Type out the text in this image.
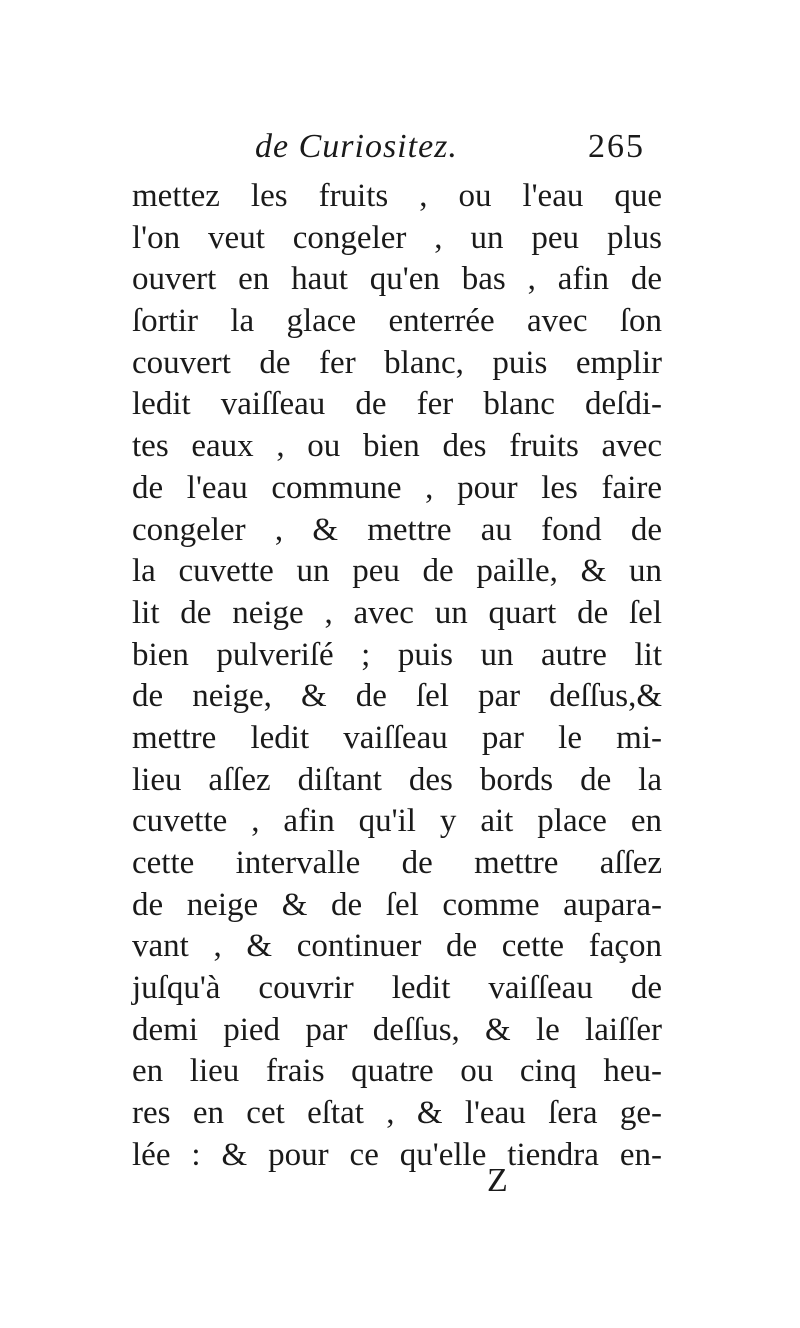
de Curiositez.	265
mettez les fruits , ou l'eau que
l'on veut congeler , un peu plus
ouvert en haut qu'en bas , afin de
ſortir la glace enterrée avec ſon
couvert de fer blanc, puis emplir
ledit vaiſſeau de fer blanc deſdi-
tes eaux , ou bien des fruits avec
de l'eau commune , pour les faire
congeler , & mettre au fond de
la cuvette un peu de paille, & un
lit de neige , avec un quart de ſel
bien pulveriſé ; puis un autre lit
de neige, & de ſel par deſſus,&
mettre ledit vaiſſeau par le mi-
lieu aſſez diſtant des bords de la
cuvette , afin qu'il y ait place en
cette intervalle de mettre aſſez
de neige & de ſel comme aupara-
vant , & continuer de cette façon
juſqu'à couvrir ledit vaiſſeau de
demi pied par deſſus, & le laiſſer
en lieu frais quatre ou cinq heu-
res en cet eſtat , & l'eau ſera ge-
lée : & pour ce qu'elle tiendra en-
Z
